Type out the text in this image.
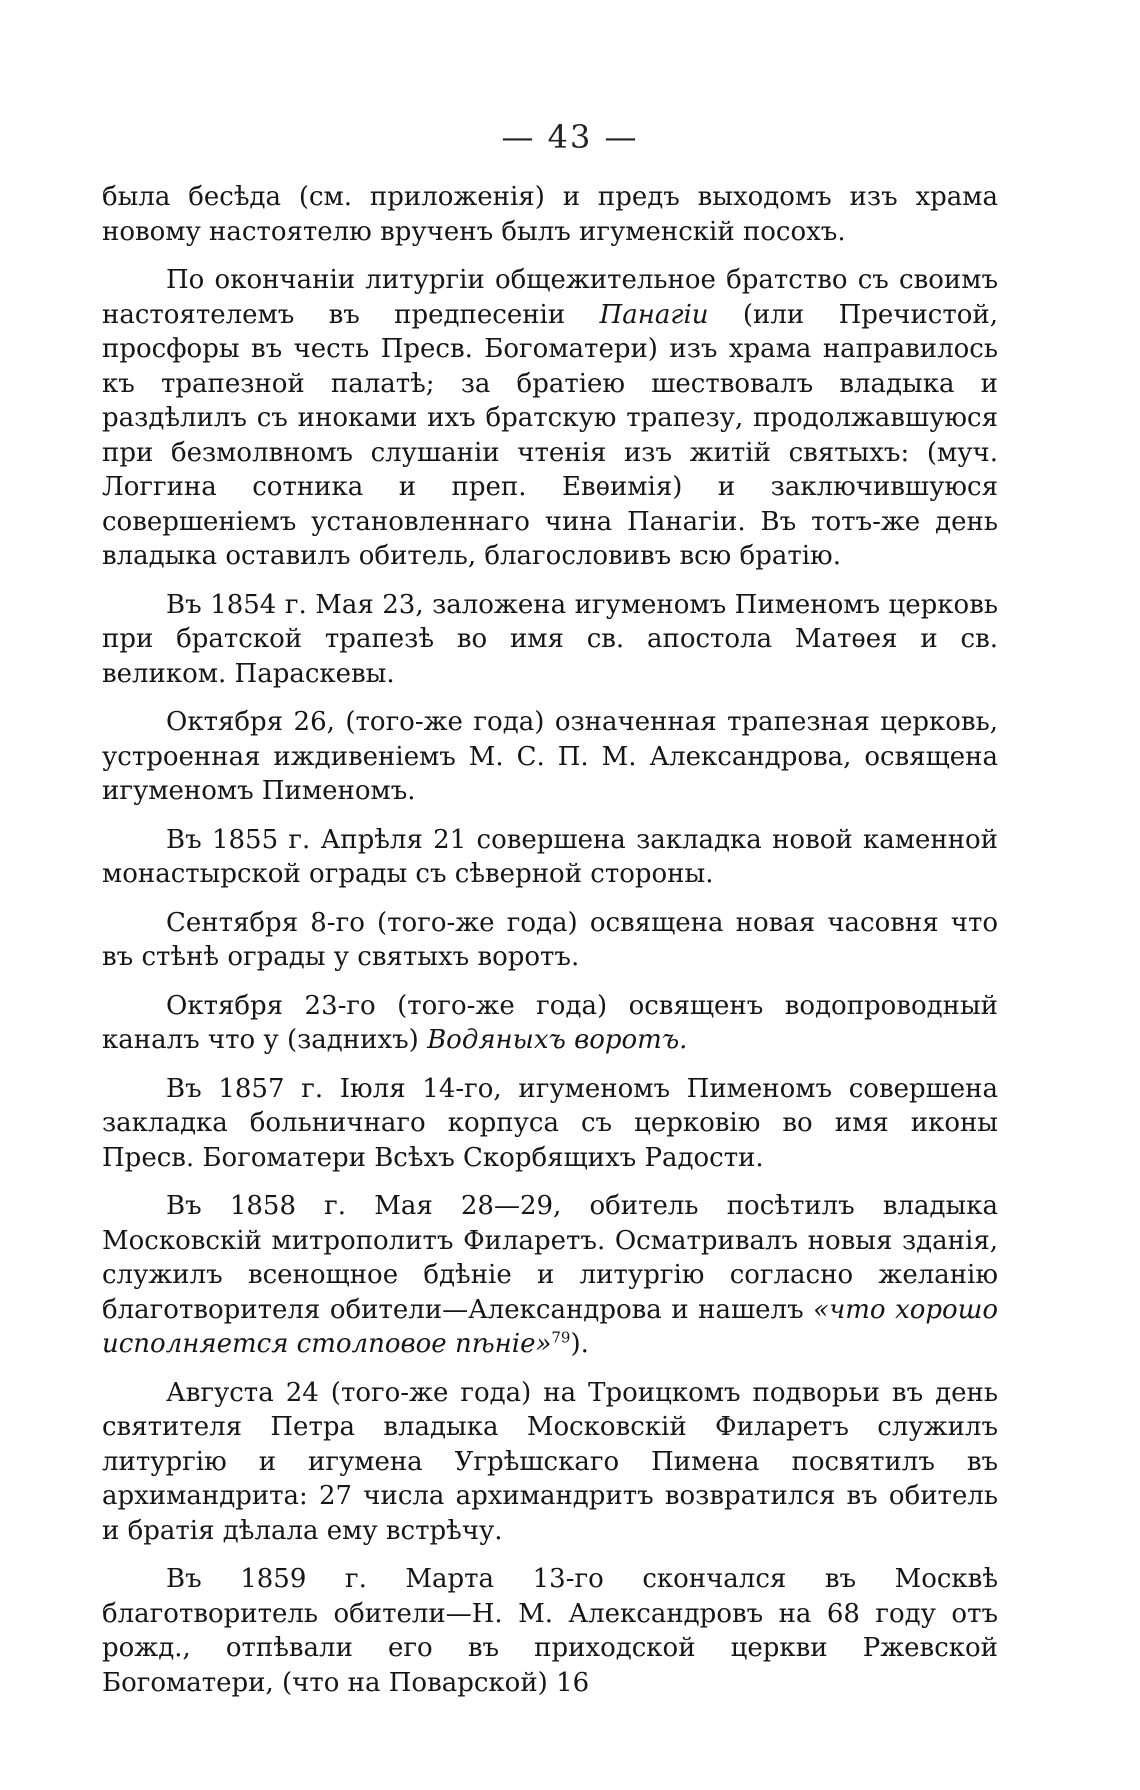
— 43 —

была бесѣда (см. приложенія) и предъ выходомъ изъ храма новому настоятелю врученъ былъ игуменскій посохъ.

По окончаніи литургіи общежительное братство съ своимъ настоятелемъ въ предпесеніи Панагіи (или Пречистой, просфоры въ честь Пресв. Богоматери) изъ храма направилось къ трапезной палатѣ; за братіею шествовалъ владыка и раздѣлилъ съ иноками ихъ братскую трапезу, продолжавшуюся при безмолвномъ слушаніи чтенія изъ житій святыхъ: (муч. Логгина сотника и преп. Евѳимія) и заключившуюся совершеніемъ установленнаго чина Панагіи. Въ тотъ-же день владыка оставилъ обитель, благословивъ всю братію.

Въ 1854 г. Мая 23, заложена игуменомъ Пименомъ церковь при братской трапезѣ во имя св. апостола Матѳея и св. великом. Параскевы.

Октября 26, (того-же года) означенная трапезная церковь, устроенная иждивеніемъ М. С. П. М. Александрова, освящена игуменомъ Пименомъ.

Въ 1855 г. Апрѣля 21 совершена закладка новой каменной монастырской ограды съ сѣверной стороны.

Сентября 8-го (того-же года) освящена новая часовня что въ стѣнѣ ограды у святыхъ воротъ.

Октября 23-го (того-же года) освященъ водопроводный каналъ что у (заднихъ) Водяныхъ воротъ.

Въ 1857 г. Іюля 14-го, игуменомъ Пименомъ совершена закладка больничнаго корпуса съ церковію во имя иконы Пресв. Богоматери Всѣхъ Скорбящихъ Радости.

Въ 1858 г. Мая 28—29, обитель посѣтилъ владыка Московскій митрополитъ Филаретъ. Осматривалъ новыя зданія, служилъ всенощное бдѣніе и литургію согласно желанію благотворителя обители—Александрова и нашелъ «что хорошо исполняется столповое пѣніе»$^{79}$).

Августа 24 (того-же года) на Троицкомъ подворьи въ день святителя Петра владыка Московскій Филаретъ служилъ литургію и игумена Угрѣшскаго Пимена посвятилъ въ архимандрита: 27 числа архимандритъ возвратился въ обитель и братія дѣлала ему встрѣчу.

Въ 1859 г. Марта 13-го скончался въ Москвѣ благотворитель обители—Н. М. Александровъ на 68 году отъ рожд., отпѣвали его въ приходской церкви Ржевской Богоматери, (что на Поварской) 16
